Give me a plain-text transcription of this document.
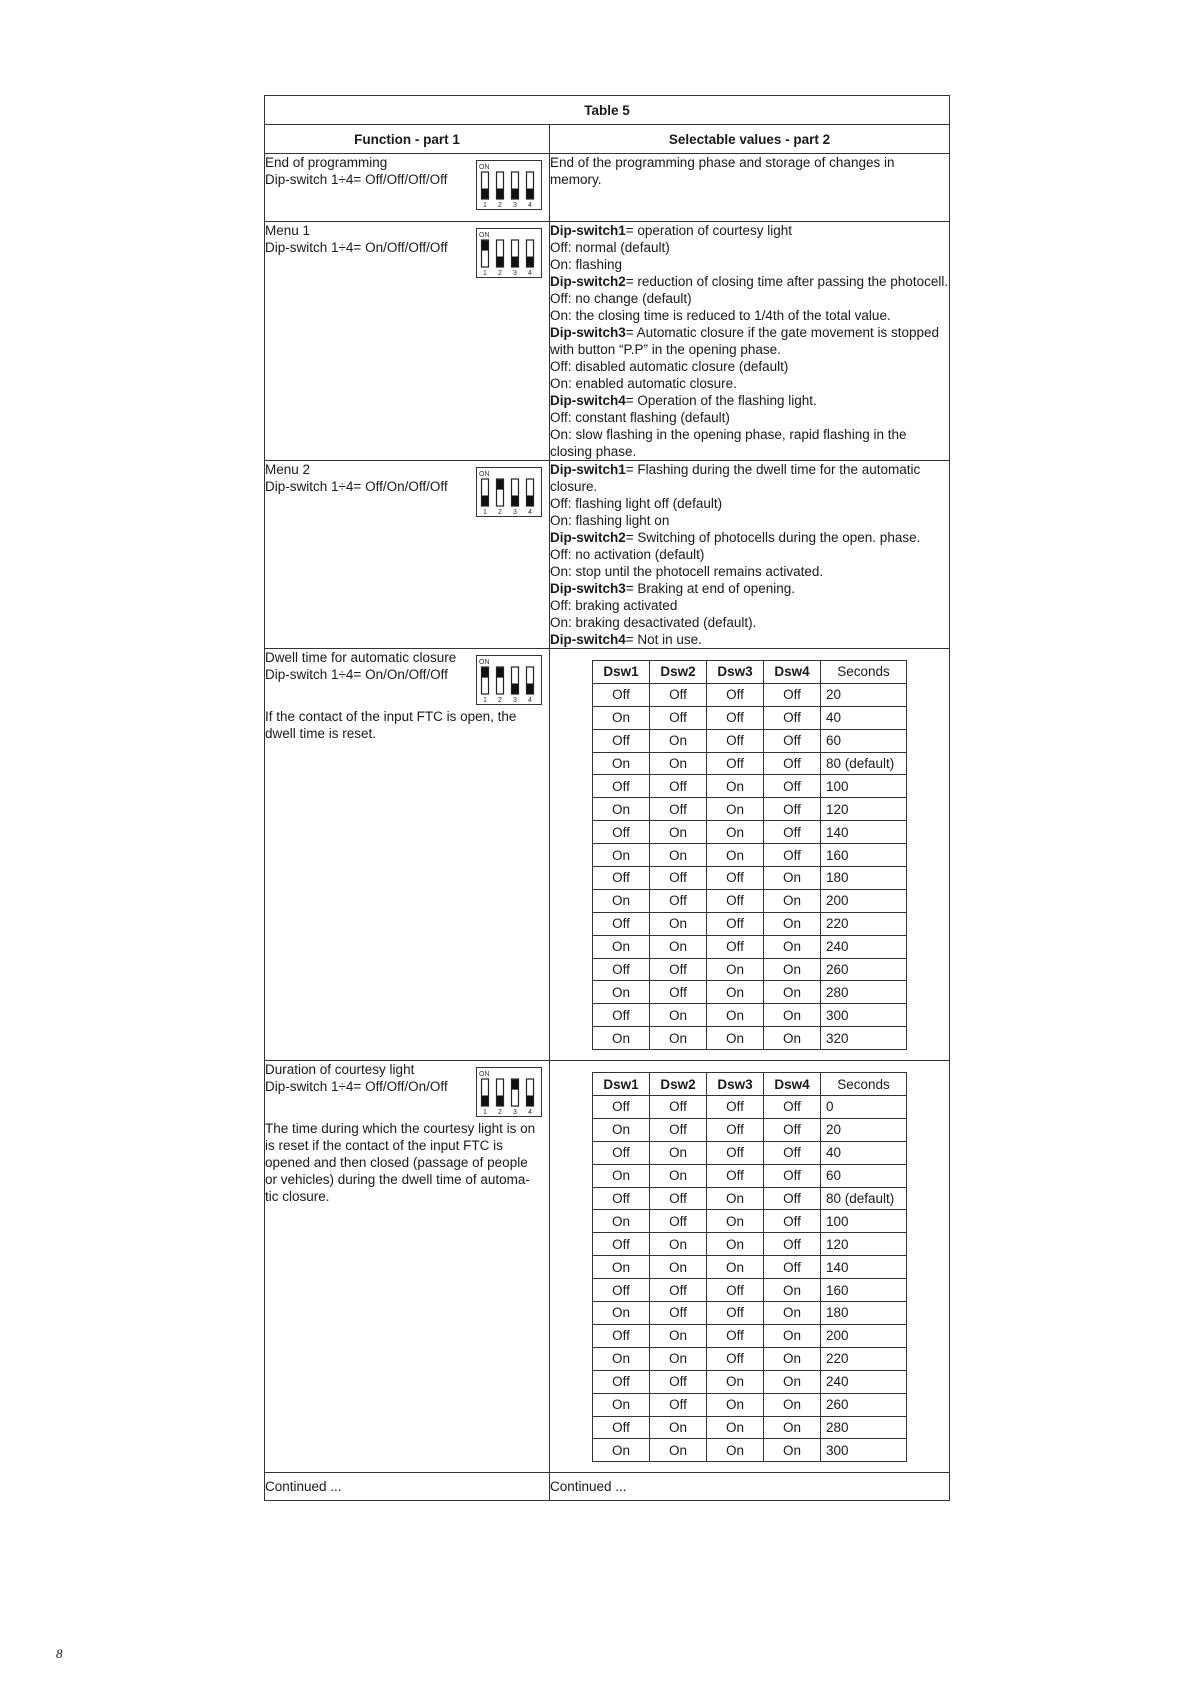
Table 5
Function - part 1	Selectable values - part 2

End of programming
Dip-switch 1÷4= Off/Off/Off/Off
ON
1 2 3 4
	End of the programming phase and storage of changes in memory.

Menu 1
Dip-switch 1÷4= On/Off/Off/Off
ON
1 2 3 4

Dip-switch1= operation of courtesy light
Off: normal (default)
On: flashing
Dip-switch2= reduction of closing time after passing the photocell.
Off: no change (default)
On: the closing time is reduced to 1/4th of the total value.
Dip-switch3= Automatic closure if the gate movement is stopped with button “P.P” in the opening phase.
Off: disabled automatic closure (default)
On: enabled automatic closure.
Dip-switch4= Operation of the flashing light.
Off: constant flashing (default)
On: slow flashing in the opening phase, rapid flashing in the closing phase.

Menu 2
Dip-switch 1÷4= Off/On/Off/Off
ON
1 2 3 4

Dip-switch1= Flashing during the dwell time for the automatic closure.
Off: flashing light off (default)
On: flashing light on
Dip-switch2= Switching of photocells during the open. phase.
Off: no activation (default)
On: stop until the photocell remains activated.
Dip-switch3= Braking at end of opening.
Off: braking activated
On: braking desactivated (default).
Dip-switch4= Not in use.

Dwell time for automatic closure
Dip-switch 1÷4= On/On/Off/Off
If the contact of the input FTC is open, the dwell time is reset.
ON
1 2 3 4

Dsw1	Dsw2	Dsw3	Dsw4	Seconds
Off	Off	Off	Off	20
On	Off	Off	Off	40
Off	On	Off	Off	60
On	On	Off	Off	80 (default)
Off	Off	On	Off	100
On	Off	On	Off	120
Off	On	On	Off	140
On	On	On	Off	160
Off	Off	Off	On	180
On	Off	Off	On	200
Off	On	Off	On	220
On	On	Off	On	240
Off	Off	On	On	260
On	Off	On	On	280
Off	On	On	On	300
On	On	On	On	320

Duration of courtesy light
Dip-switch 1÷4= Off/Off/On/Off
The time during which the courtesy light is on is reset if the contact of the input FTC is opened and then closed (passage of people or vehicles) during the dwell time of automa- tic closure.
ON
1 2 3 4

Dsw1	Dsw2	Dsw3	Dsw4	Seconds
Off	Off	Off	Off	0
On	Off	Off	Off	20
Off	On	Off	Off	40
On	On	Off	Off	60
Off	Off	On	Off	80 (default)
On	Off	On	Off	100
Off	On	On	Off	120
On	On	On	Off	140
Off	Off	Off	On	160
On	Off	Off	On	180
Off	On	Off	On	200
On	On	Off	On	220
Off	Off	On	On	240
On	Off	On	On	260
Off	On	On	On	280
On	On	On	On	300

Continued ...	Continued ...
8
